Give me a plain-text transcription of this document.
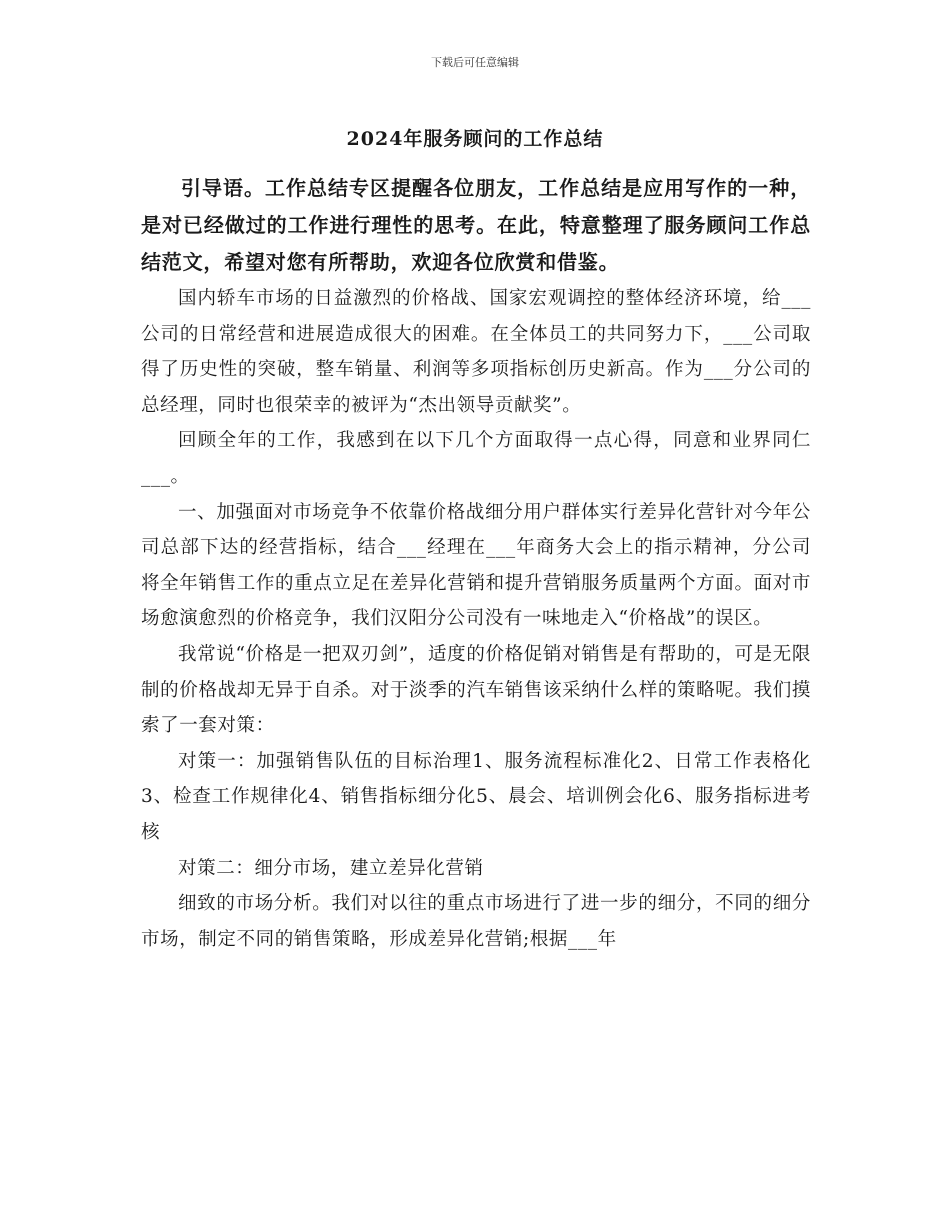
下载后可任意编辑
2024年服务顾问的工作总结

引导语。工作总结专区提醒各位朋友，工作总结是应用写作的一种，是对已经做过的工作进行理性的思考。在此，特意整理了服务顾问工作总结范文，希望对您有所帮助，欢迎各位欣赏和借鉴。

国内轿车市场的日益激烈的价格战、国家宏观调控的整体经济环境，给___公司的日常经营和进展造成很大的困难。在全体员工的共同努力下，___公司取得了历史性的突破，整车销量、利润等多项指标创历史新高。作为___分公司的总经理，同时也很荣幸的被评为“杰出领导贡献奖”。

回顾全年的工作，我感到在以下几个方面取得一点心得，同意和业界同仁___。

一、加强面对市场竞争不依靠价格战细分用户群体实行差异化营针对今年公司总部下达的经营指标，结合___经理在___年商务大会上的指示精神，分公司将全年销售工作的重点立足在差异化营销和提升营销服务质量两个方面。面对市场愈演愈烈的价格竞争，我们汉阳分公司没有一味地走入“价格战”的误区。

我常说“价格是一把双刃剑”，适度的价格促销对销售是有帮助的，可是无限制的价格战却无异于自杀。对于淡季的汽车销售该采纳什么样的策略呢。我们摸索了一套对策：

对策一：加强销售队伍的目标治理1、服务流程标准化2、日常工作表格化3、检查工作规律化4、销售指标细分化5、晨会、培训例会化6、服务指标进考核

对策二：细分市场，建立差异化营销

细致的市场分析。我们对以往的重点市场进行了进一步的细分，不同的细分市场，制定不同的销售策略，形成差异化营销;根据___年
